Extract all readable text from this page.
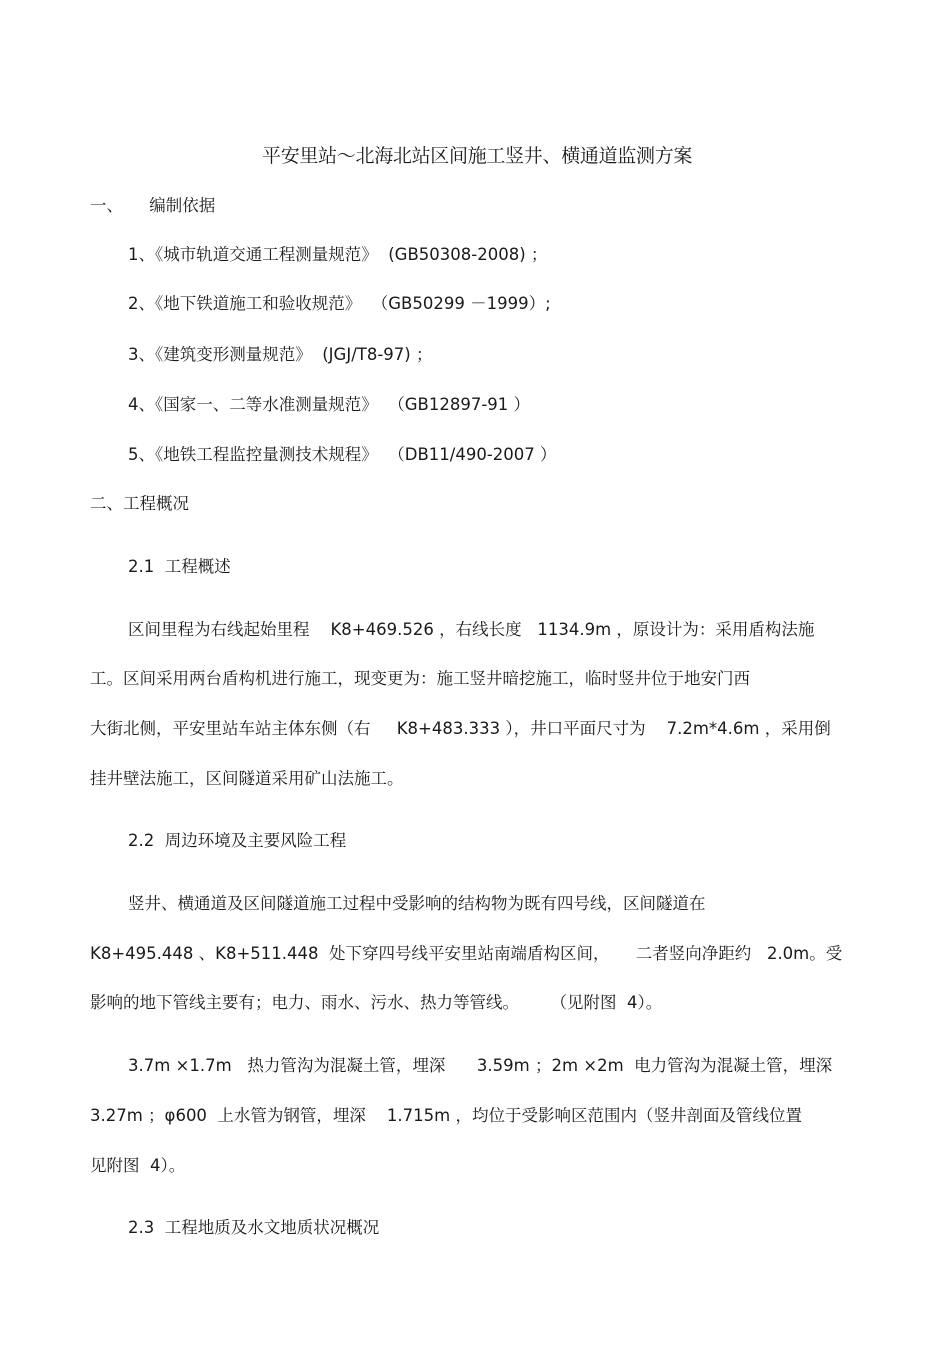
平安里站～北海北站区间施工竖井、横通道监测方案
一、     编制依据
1、《城市轨道交通工程测量规范》  (GB50308-2008) ；
2、《地下铁道施工和验收规范》  （GB50299 －1999）;
3、《建筑变形测量规范》  (JGJ/T8-97) ；
4、《国家一、二等水准测量规范》  （GB12897-91 ）
5、《地铁工程监控量测技术规程》  （DB11/490-2007 ）
二、工程概况
2.1  工程概述
区间里程为右线起始里程    K8+469.526 ，右线长度   1134.9m ，原设计为：采用盾构法施
工。区间采用两台盾构机进行施工，现变更为：施工竖井暗挖施工，临时竖井位于地安门西
大街北侧，平安里站车站主体东侧（右     K8+483.333 ），井口平面尺寸为    7.2m*4.6m ，采用倒
挂井壁法施工，区间隧道采用矿山法施工。
2.2  周边环境及主要风险工程
竖井、横通道及区间隧道施工过程中受影响的结构物为既有四号线，区间隧道在
K8+495.448 、K8+511.448  处下穿四号线平安里站南端盾构区间，     二者竖向净距约   2.0m。受
影响的地下管线主要有；电力、雨水、污水、热力等管线。      （见附图  4）。
3.7m ×1.7m   热力管沟为混凝土管，埋深      3.59m ；2m ×2m  电力管沟为混凝土管，埋深
3.27m ；φ600  上水管为钢管，埋深    1.715m ，均位于受影响区范围内（竖井剖面及管线位置
见附图  4）。
2.3  工程地质及水文地质状况概况
